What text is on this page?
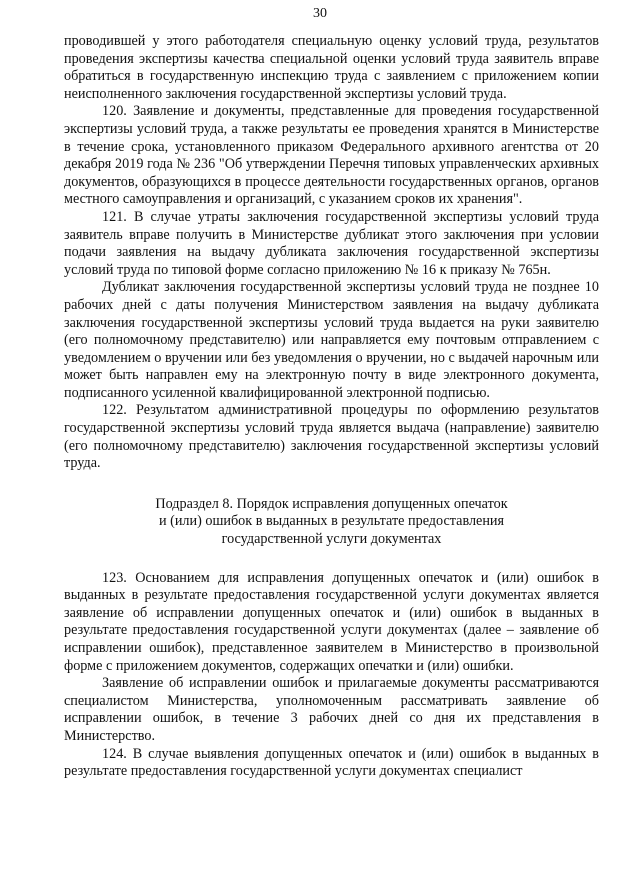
30

проводившей у этого работодателя специальную оценку условий труда, результатов проведения экспертизы качества специальной оценки условий труда заявитель вправе обратиться в государственную инспекцию труда с заявлением с приложением копии неисполненного заключения государственной экспертизы условий труда.

120. Заявление и документы, представленные для проведения государственной экспертизы условий труда, а также результаты ее проведения хранятся в Министерстве в течение срока, установленного приказом Федерального архивного агентства от 20 декабря 2019 года № 236 "Об утверждении Перечня типовых управленческих архивных документов, образующихся в процессе деятельности государственных органов, органов местного самоуправления и организаций, с указанием сроков их хранения".

121. В случае утраты заключения государственной экспертизы условий труда заявитель вправе получить в Министерстве дубликат этого заключения при условии подачи заявления на выдачу дубликата заключения государственной экспертизы условий труда по типовой форме согласно приложению № 16 к приказу № 765н.

Дубликат заключения государственной экспертизы условий труда не позднее 10 рабочих дней с даты получения Министерством заявления на выдачу дубликата заключения государственной экспертизы условий труда выдается на руки заявителю (его полномочному представителю) или направляется ему почтовым отправлением с уведомлением о вручении или без уведомления о вручении, но с выдачей нарочным или может быть направлен ему на электронную почту в виде электронного документа, подписанного усиленной квалифицированной электронной подписью.

122. Результатом административной процедуры по оформлению результатов государственной экспертизы условий труда является выдача (направление) заявителю (его полномочному представителю) заключения государственной экспертизы условий труда.

Подраздел 8. Порядок исправления допущенных опечаток
и (или) ошибок в выданных в результате предоставления
государственной услуги документах

123. Основанием для исправления допущенных опечаток и (или) ошибок в выданных в результате предоставления государственной услуги документах является заявление об исправлении допущенных опечаток и (или) ошибок в выданных в результате предоставления государственной услуги документах (далее – заявление об исправлении ошибок), представленное заявителем в Министерство в произвольной форме с приложением документов, содержащих опечатки и (или) ошибки.

Заявление об исправлении ошибок и прилагаемые документы рассматриваются специалистом Министерства, уполномоченным рассматривать заявление об исправлении ошибок, в течение 3 рабочих дней со дня их представления в Министерство.

124. В случае выявления допущенных опечаток и (или) ошибок в выданных в результате предоставления государственной услуги документах специалист
